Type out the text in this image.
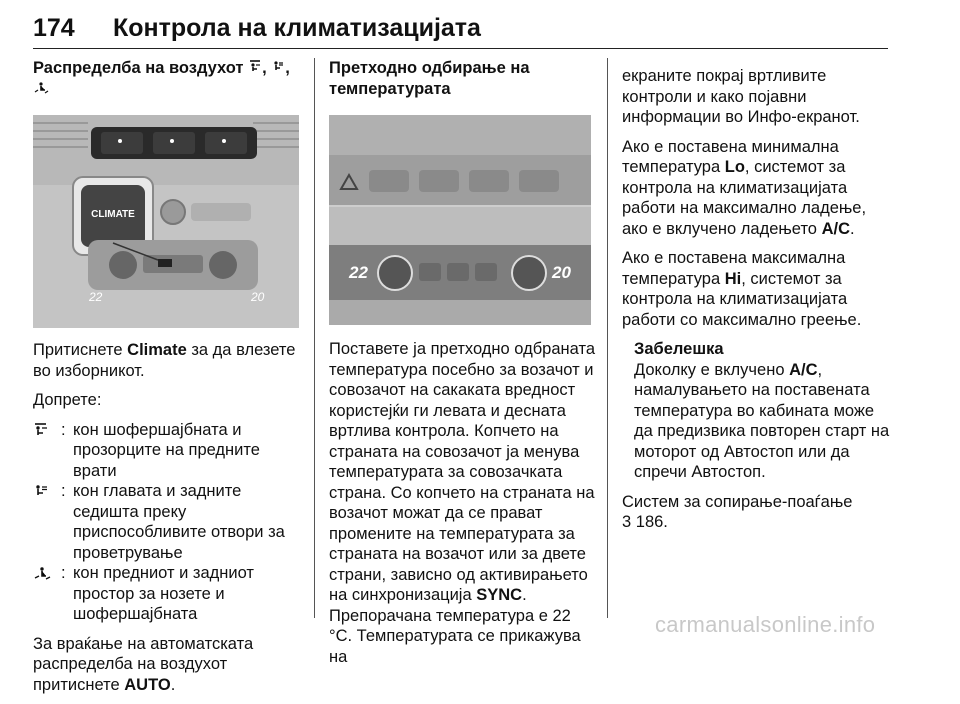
174 Контрола на климатизацијата
Распределба на воздухот , ,
CLIMATE
22	20

Притиснете Climate за да влезете во изборникот.

Допрете:

: кон шофершајбната и прозорците на предните врати
: кон главата и задните седишта преку приспособливите отвори за проветрување
: кон предниот и задниот простор за нозете и шофершајбната

За враќање на автоматската распределба на воздухот притиснете AUTO.

Претходно одбирање на температурата
22	20

Поставете ја претходно одбраната температура посебно за возачот и совозачот на сакаката вредност користејќи ги левата и десната вртлива контрола. Копчето на страната на совозачот ја менува температурата за совозачката страна. Со копчето на страната на возачот можат да се прават промените на температурата за страната на возачот или за двете страни, зависно од активирањето на синхронизација SYNC.

Препорачана температура е 22 °C. Температурата се прикажува на

екраните покрај вртливите контроли и како појавни информации во Инфо-екранот.

Ако е поставена минимална температура Lo, системот за контрола на климатизацијата работи на максимално ладење, ако е вклучено ладењето A/C.

Ако е поставена максимална температура Hi, системот за контрола на климатизацијата работи со максимално греење.

Забелешка
Доколку е вклучено A/C, намалувањето на поставената температура во кабината може да предизвика повторен старт на моторот од Автостоп или да спречи Автостоп.

Систем за сопирање-поаѓање

3 186.

carmanualsonline.info
